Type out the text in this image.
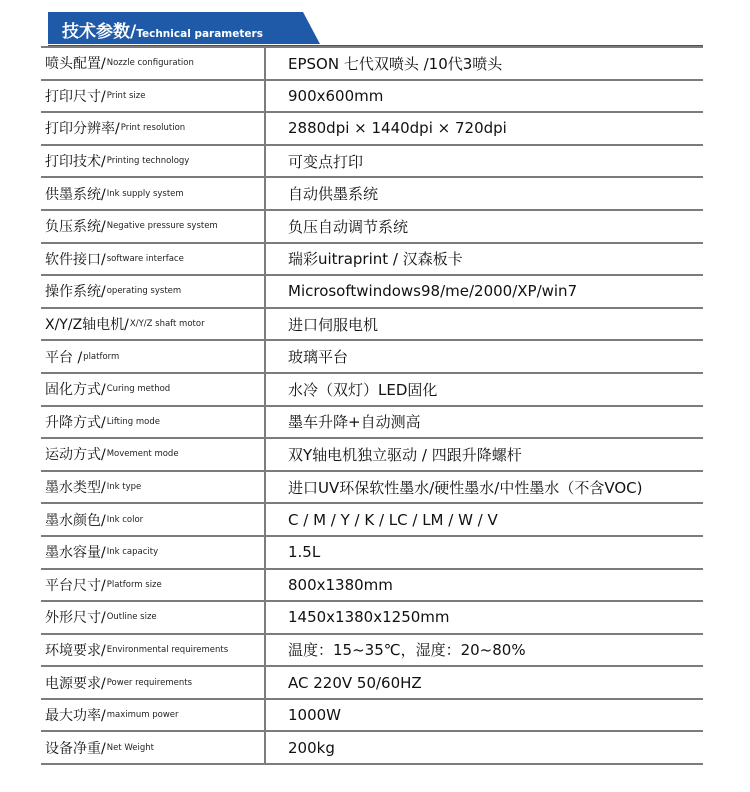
技术参数/Technical parameters
喷头配置/ Nozzle configuration	EPSON 七代双喷头 /10代3喷头
打印尺寸/ Print size	900x600mm
打印分辨率/ Print resolution	2880dpi × 1440dpi × 720dpi
打印技术/ Printing technology	可变点打印
供墨系统/ Ink supply system	自动供墨系统
负压系统/ Negative pressure system	负压自动调节系统
软件接口/ software interface	瑞彩uitraprint / 汉森板卡
操作系统/ operating system	Microsoftwindows98/me/2000/XP/win7
X/Y/Z轴电机/ X/Y/Z shaft motor	进口伺服电机
平台 / platform	玻璃平台
固化方式/ Curing method	水冷（双灯）LED固化
升降方式/ Lifting mode	墨车升降+自动测高
运动方式/ Movement mode	双Y轴电机独立驱动 / 四跟升降螺杆
墨水类型/ Ink type	进口UV环保软性墨水/硬性墨水/中性墨水（不含VOC)
墨水颜色/ Ink color	C / M / Y / K / LC / LM / W / V
墨水容量/ Ink capacity	1.5L
平台尺寸/ Platform size	800x1380mm
外形尺寸/ Outline size	1450x1380x1250mm
环境要求/ Environmental requirements	温度：15~35℃，湿度：20~80%
电源要求/ Power requirements	AC 220V 50/60HZ
最大功率/ maximum power	1000W
设备净重/ Net Weight	200kg
